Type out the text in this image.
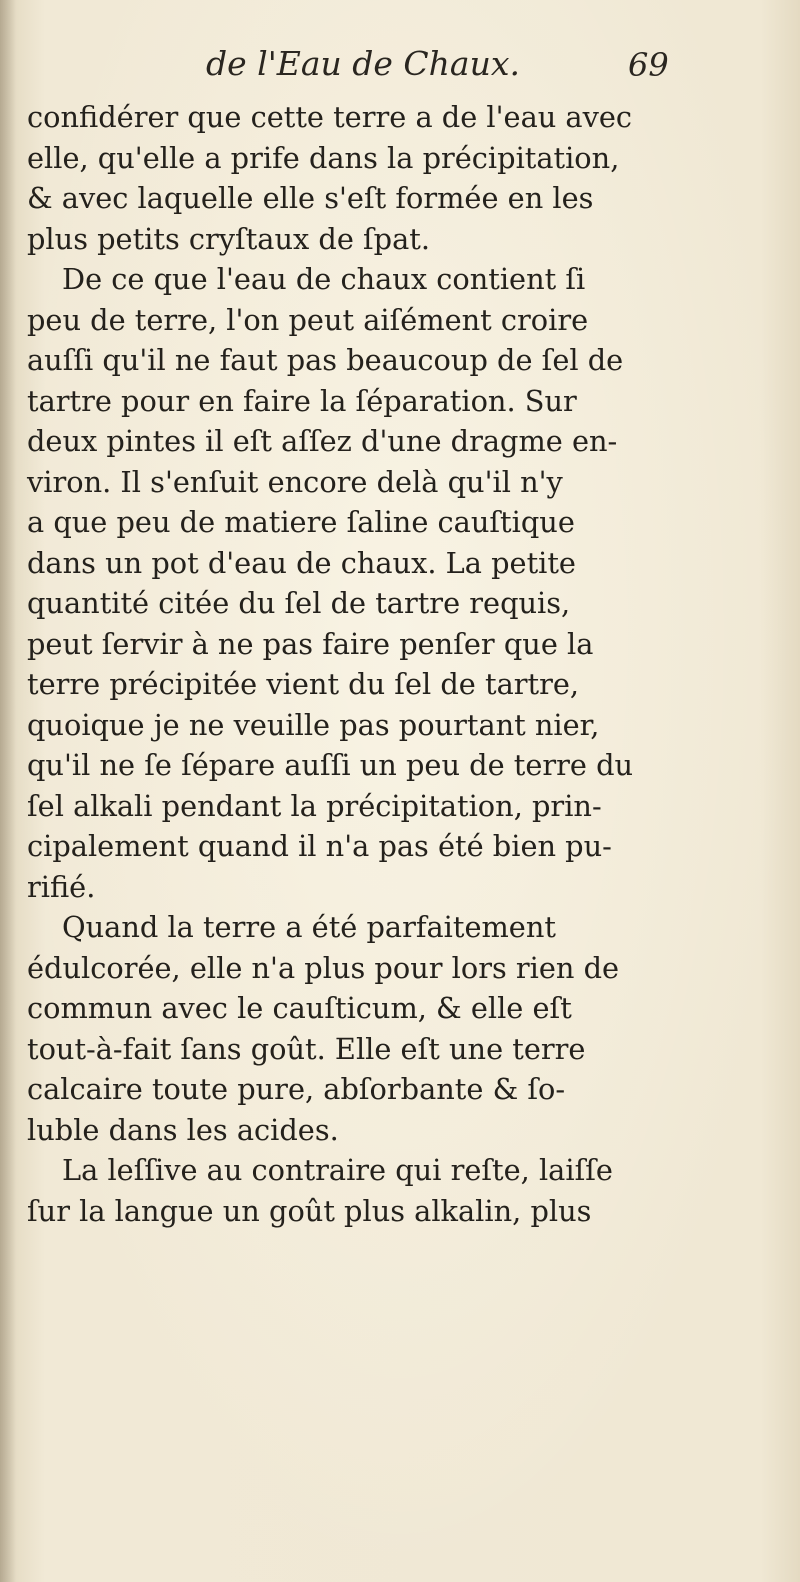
de l'Eau de Chaux.	69
confidérer que cette terre a de l'eau avec
elle, qu'elle a prife dans la précipitation,
& avec laquelle elle s'eſt formée en les
plus petits cryſtaux de ſpat.
De ce que l'eau de chaux contient ſi
peu de terre, l'on peut aiſément croire
auſſi qu'il ne faut pas beaucoup de ſel de
tartre pour en faire la ſéparation. Sur
deux pintes il eſt aſſez d'une dragme en-
viron. Il s'enſuit encore delà qu'il n'y
a que peu de matiere ſaline cauſtique
dans un pot d'eau de chaux. La petite
quantité citée du ſel de tartre requis,
peut ſervir à ne pas faire penſer que la
terre précipitée vient du ſel de tartre,
quoique je ne veuille pas pourtant nier,
qu'il ne ſe ſépare auſſi un peu de terre du
ſel alkali pendant la précipitation, prin-
cipalement quand il n'a pas été bien pu-
rifié.
Quand la terre a été parfaitement
édulcorée, elle n'a plus pour lors rien de
commun avec le cauſticum, & elle eſt
tout-à-fait ſans goût. Elle eſt une terre
calcaire toute pure, abſorbante & ſo-
luble dans les acides.
La leſſive au contraire qui reſte, laiſſe
ſur la langue un goût plus alkalin, plus
